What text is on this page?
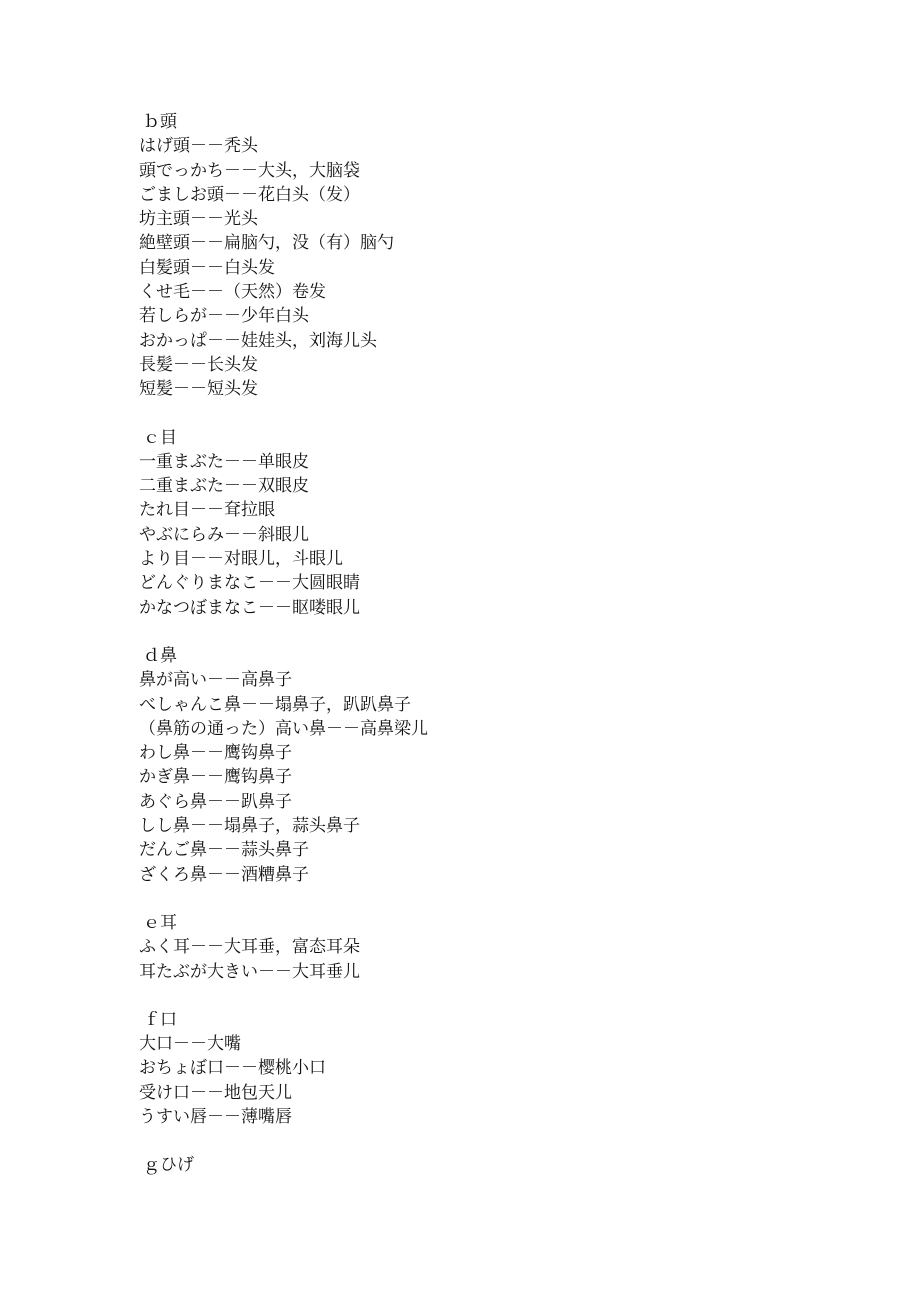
ｂ頭
はげ頭－－秃头
頭でっかち－－大头，大脑袋
ごましお頭－－花白头（发）
坊主頭－－光头
絶壁頭－－扁脑勺，没（有）脑勺
白髪頭－－白头发
くせ毛－－（天然）卷发
若しらが－－少年白头
おかっぱ－－娃娃头，刘海儿头
長髪－－长头发
短髪－－短头发
ｃ目
一重まぶた－－单眼皮
二重まぶた－－双眼皮
たれ目－－耷拉眼
やぶにらみ－－斜眼儿
より目－－对眼儿，斗眼儿
どんぐりまなこ－－大圆眼睛
かなつぼまなこ－－眍喽眼儿
ｄ鼻
鼻が高い－－高鼻子
べしゃんこ鼻－－塌鼻子，趴趴鼻子
（鼻筋の通った）高い鼻－－高鼻梁儿
わし鼻－－鹰钩鼻子
かぎ鼻－－鹰钩鼻子
あぐら鼻－－趴鼻子
しし鼻－－塌鼻子，蒜头鼻子
だんご鼻－－蒜头鼻子
ざくろ鼻－－酒糟鼻子
ｅ耳
ふく耳－－大耳垂，富态耳朵
耳たぶが大きい－－大耳垂儿
ｆ口
大口－－大嘴
おちょぼ口－－樱桃小口
受け口－－地包天儿
うすい唇－－薄嘴唇
ｇひげ
